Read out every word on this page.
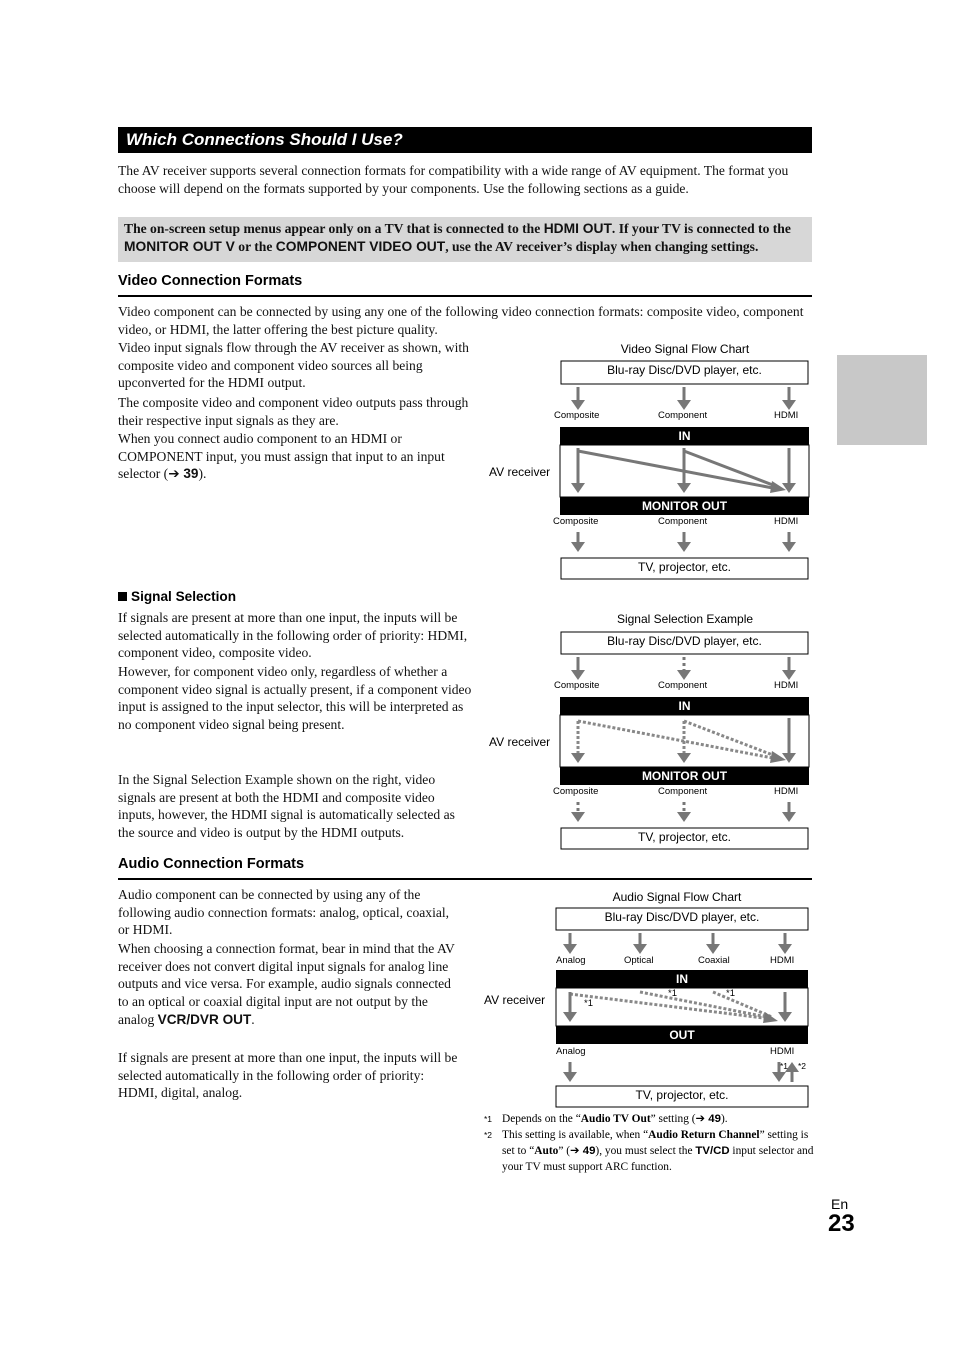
Which Connections Should I Use?
The AV receiver supports several connection formats for compatibility with a wide range of AV equipment. The format you choose will depend on the formats supported by your components. Use the following sections as a guide.
The on-screen setup menus appear only on a TV that is connected to the HDMI OUT. If your TV is connected to the MONITOR OUT V or the COMPONENT VIDEO OUT, use the AV receiver’s display when changing settings.
Video Connection Formats
Video component can be connected by using any one of the following video connection formats: composite video, component video, or HDMI, the latter offering the best picture quality.
Video input signals flow through the AV receiver as shown, with composite video and component video sources all being upconverted for the HDMI output.
The composite video and component video outputs pass through their respective input signals as they are.
When you connect audio component to an HDMI or COMPONENT input, you must assign that input to an input selector (➔ 39).
Signal Selection
If signals are present at more than one input, the inputs will be selected automatically in the following order of priority: HDMI, component video, composite video.
However, for component video only, regardless of whether a component video signal is actually present, if a component video input is assigned to the input selector, this will be interpreted as no component video signal being present.
In the Signal Selection Example shown on the right, video signals are present at both the HDMI and composite video inputs, however, the HDMI signal is automatically selected as the source and video is output by the HDMI outputs.
Audio Connection Formats
Audio component can be connected by using any of the following audio connection formats: analog, optical, coaxial, or HDMI.
When choosing a connection format, bear in mind that the AV receiver does not convert digital input signals for analog line outputs and vice versa. For example, audio signals connected to an optical or coaxial digital input are not output by the analog VCR/DVR OUT.
If signals are present at more than one input, the inputs will be selected automatically in the following order of priority: HDMI, digital, analog.
Video Signal Flow Chart
Blu-ray Disc/DVD player, etc.
Composite	Component	HDMI
IN
AV receiver
MONITOR OUT
Composite	Component	HDMI
TV, projector, etc.
Signal Selection Example
Blu-ray Disc/DVD player, etc.
Composite	Component	HDMI
IN
AV receiver
MONITOR OUT
Composite	Component	HDMI
TV, projector, etc.
Audio Signal Flow Chart
Blu-ray Disc/DVD player, etc.
Analog	Optical	Coaxial	HDMI
IN
AV receiver	*1
*1	*1
OUT
Analog	HDMI
*1 *2
TV, projector, etc.
$^{*1}$ Depends on the “Audio TV Out” setting (➔ 49).
$^{*2}$ This setting is available, when “Audio Return Channel” setting is set to “Auto” (➔ 49), you must select the TV/CD input selector and your TV must support ARC function.
En
23
